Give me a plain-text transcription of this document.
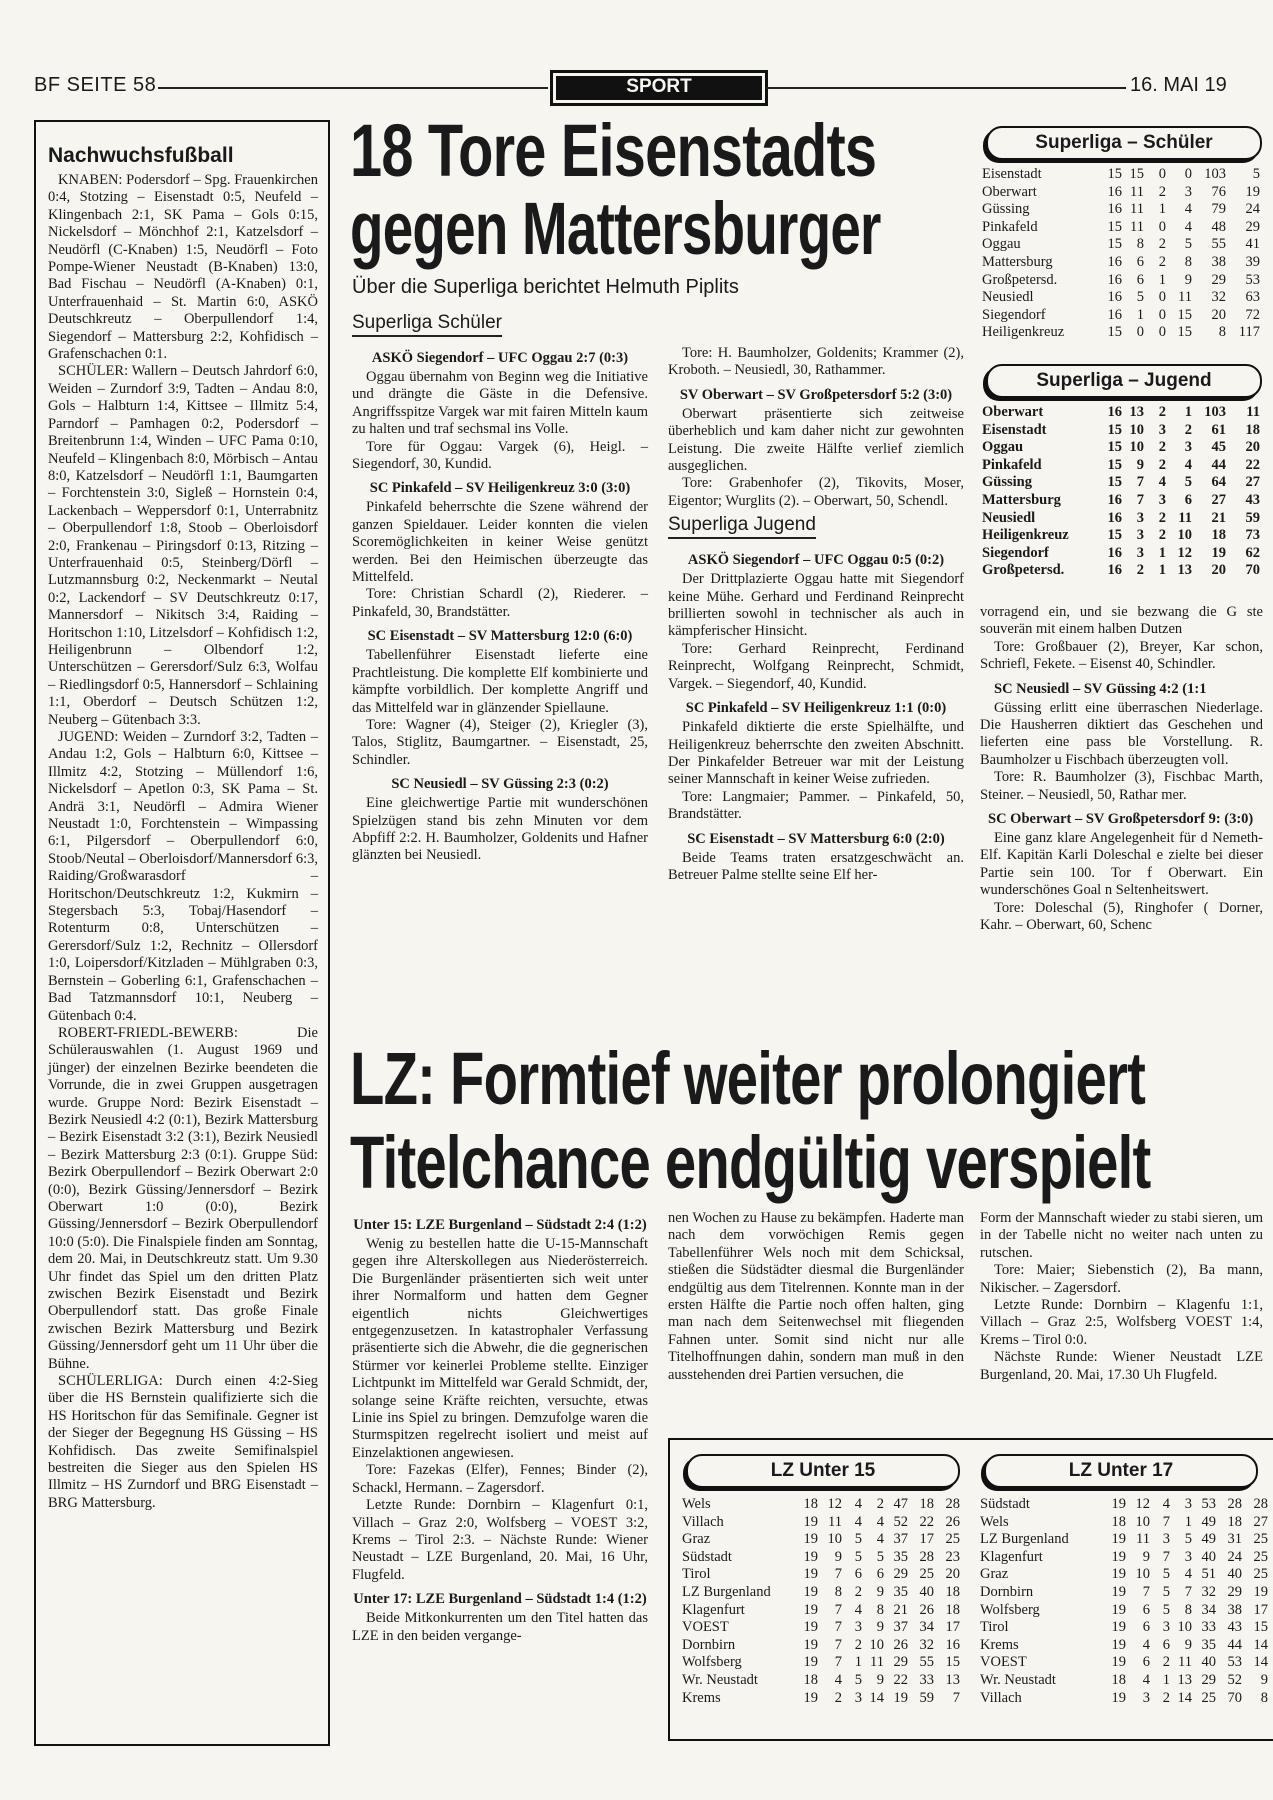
BF SEITE 58	SPORT	16. MAI 19
Nachwuchsfußball

KNABEN: Podersdorf – Spg. Frauenkirchen 0:4, Stotzing – Eisenstadt 0:5, Neufeld – Klingenbach 2:1, SK Pama – Gols 0:15, Nickelsdorf – Mönchhof 2:1, Katzelsdorf – Neudörfl (C-Knaben) 1:5, Neudörfl – Foto Pompe-Wiener Neustadt (B-Knaben) 13:0, Bad Fischau – Neudörfl (A-Knaben) 0:1, Unterfrauenhaid – St. Martin 6:0, ASKÖ Deutschkreutz – Oberpullendorf 1:4, Siegendorf – Mattersburg 2:2, Kohfidisch – Grafenschachen 0:1.

SCHÜLER: Wallern – Deutsch Jahrdorf 6:0, Weiden – Zurndorf 3:9, Tadten – Andau 8:0, Gols – Halbturn 1:4, Kittsee – Illmitz 5:4, Parndorf – Pamhagen 0:2, Podersdorf – Breitenbrunn 1:4, Winden – UFC Pama 0:10, Neufeld – Klingenbach 8:0, Mörbisch – Antau 8:0, Katzelsdorf – Neudörfl 1:1, Baumgarten – Forchtenstein 3:0, Sigleß – Hornstein 0:4, Lackenbach – Weppersdorf 0:1, Unterrabnitz – Oberpullendorf 1:8, Stoob – Oberloisdorf 2:0, Frankenau – Piringsdorf 0:13, Ritzing – Unterfrauenhaid 0:5, Steinberg/Dörfl – Lutzmannsburg 0:2, Neckenmarkt – Neutal 0:2, Lackendorf – SV Deutschkreutz 0:17, Mannersdorf – Nikitsch 3:4, Raiding – Horitschon 1:10, Litzelsdorf – Kohfidisch 1:2, Heiligenbrunn – Olbendorf 1:2, Unterschützen – Gerersdorf/Sulz 6:3, Wolfau – Riedlingsdorf 0:5, Hannersdorf – Schlaining 1:1, Oberdorf – Deutsch Schützen 1:2, Neuberg – Gütenbach 3:3.

JUGEND: Weiden – Zurndorf 3:2, Tadten – Andau 1:2, Gols – Halbturn 6:0, Kittsee – Illmitz 4:2, Stotzing – Müllendorf 1:6, Nickelsdorf – Apetlon 0:3, SK Pama – St. Andrä 3:1, Neudörfl – Admira Wiener Neustadt 1:0, Forchtenstein – Wimpassing 6:1, Pilgersdorf – Oberpullendorf 6:0, Stoob/Neutal – Oberloisdorf/Mannersdorf 6:3, Raiding/Großwarasdorf – Horitschon/Deutschkreutz 1:2, Kukmirn – Stegersbach 5:3, Tobaj/Hasendorf – Rotenturm 0:8, Unterschützen – Gerersdorf/Sulz 1:2, Rechnitz – Ollersdorf 1:0, Loipersdorf/Kitzladen – Mühlgraben 0:3, Bernstein – Goberling 6:1, Grafenschachen – Bad Tatzmannsdorf 10:1, Neuberg – Gütenbach 0:4.

ROBERT-FRIEDL-BEWERB: Die Schülerauswahlen (1. August 1969 und jünger) der einzelnen Bezirke beendeten die Vorrunde, die in zwei Gruppen ausgetragen wurde. Gruppe Nord: Bezirk Eisenstadt – Bezirk Neusiedl 4:2 (0:1), Bezirk Mattersburg – Bezirk Eisenstadt 3:2 (3:1), Bezirk Neusiedl – Bezirk Mattersburg 2:3 (0:1). Gruppe Süd: Bezirk Oberpullendorf – Bezirk Oberwart 2:0 (0:0), Bezirk Güssing/Jennersdorf – Bezirk Oberwart 1:0 (0:0), Bezirk Güssing/Jennersdorf – Bezirk Oberpullendorf 10:0 (5:0). Die Finalspiele finden am Sonntag, dem 20. Mai, in Deutschkreutz statt. Um 9.30 Uhr findet das Spiel um den dritten Platz zwischen Bezirk Eisenstadt und Bezirk Oberpullendorf statt. Das große Finale zwischen Bezirk Mattersburg und Bezirk Güssing/Jennersdorf geht um 11 Uhr über die Bühne.

SCHÜLERLIGA: Durch einen 4:2-Sieg über die HS Bernstein qualifizierte sich die HS Horitschon für das Semifinale. Gegner ist der Sieger der Begegnung HS Güssing – HS Kohfidisch. Das zweite Semifinalspiel bestreiten die Sieger aus den Spielen HS Illmitz – HS Zurndorf und BRG Eisenstadt – BRG Mattersburg.

18 Tore Eisenstadts
gegen Mattersburger
Über die Superliga berichtet Helmuth Piplits
Superliga Schüler
ASKÖ Siegendorf – UFC Oggau 2:7 (0:3)

Oggau übernahm von Beginn weg die Initiative und drängte die Gäste in die Defensive. Angriffsspitze Vargek war mit fairen Mitteln kaum zu halten und traf sechsmal ins Volle.

Tore für Oggau: Vargek (6), Heigl. – Siegendorf, 30, Kundid.

SC Pinkafeld – SV Heiligenkreuz 3:0 (3:0)

Pinkafeld beherrschte die Szene während der ganzen Spieldauer. Leider konnten die vielen Scoremöglichkeiten in keiner Weise genützt werden. Bei den Heimischen überzeugte das Mittelfeld.

Tore: Christian Schardl (2), Riederer. – Pinkafeld, 30, Brandstätter.

SC Eisenstadt – SV Mattersburg 12:0 (6:0)

Tabellenführer Eisenstadt lieferte eine Prachtleistung. Die komplette Elf kombinierte und kämpfte vorbildlich. Der komplette Angriff und das Mittelfeld war in glänzender Spiellaune.

Tore: Wagner (4), Steiger (2), Kriegler (3), Talos, Stiglitz, Baumgartner. – Eisenstadt, 25, Schindler.

SC Neusiedl – SV Güssing 2:3 (0:2)

Eine gleichwertige Partie mit wunderschönen Spielzügen stand bis zehn Minuten vor dem Abpfiff 2:2. H. Baumholzer, Goldenits und Hafner glänzten bei Neusiedl.

Tore: H. Baumholzer, Goldenits; Krammer (2), Kroboth. – Neusiedl, 30, Rathammer.

SV Oberwart – SV Großpetersdorf 5:2 (3:0)

Oberwart präsentierte sich zeitweise überheblich und kam daher nicht zur gewohnten Leistung. Die zweite Hälfte verlief ziemlich ausgeglichen.

Tore: Grabenhofer (2), Tikovits, Moser, Eigentor; Wurglits (2). – Oberwart, 50, Schendl.

Superliga Jugend
ASKÖ Siegendorf – UFC Oggau 0:5 (0:2)

Der Drittplazierte Oggau hatte mit Siegendorf keine Mühe. Gerhard und Ferdinand Reinprecht brillierten sowohl in technischer als auch in kämpferischer Hinsicht.

Tore: Gerhard Reinprecht, Ferdinand Reinprecht, Wolfgang Reinprecht, Schmidt, Vargek. – Siegendorf, 40, Kundid.

SC Pinkafeld – SV Heiligenkreuz 1:1 (0:0)

Pinkafeld diktierte die erste Spielhälfte, und Heiligenkreuz beherrschte den zweiten Abschnitt. Der Pinkafelder Betreuer war mit der Leistung seiner Mannschaft in keiner Weise zufrieden.

Tore: Langmaier; Pammer. – Pinkafeld, 50, Brandstätter.

SC Eisenstadt – SV Mattersburg 6:0 (2:0)

Beide Teams traten ersatzgeschwächt an. Betreuer Palme stellte seine Elf her-

Superliga – Schüler
Eisenstadt	15	15	0	0	103	5
Oberwart	16	11	2	3	76	19
Güssing	16	11	1	4	79	24
Pinkafeld	15	11	0	4	48	29
Oggau	15	8	2	5	55	41
Mattersburg	16	6	2	8	38	39
Großpetersd.	16	6	1	9	29	53
Neusiedl	16	5	0	11	32	63
Siegendorf	16	1	0	15	20	72
Heiligenkreuz	15	0	0	15	8	117
Superliga – Jugend
Oberwart	16	13	2	1	103	11
Eisenstadt	15	10	3	2	61	18
Oggau	15	10	2	3	45	20
Pinkafeld	15	9	2	4	44	22
Güssing	15	7	4	5	64	27
Mattersburg	16	7	3	6	27	43
Neusiedl	16	3	2	11	21	59
Heiligenkreuz	15	3	2	10	18	73
Siegendorf	16	3	1	12	19	62
Großpetersd.	16	2	1	13	20	70

vorragend ein, und sie bezwang die G ste souverän mit einem halben Dutzen

Tore: Großbauer (2), Breyer, Kar schon, Schriefl, Fekete. – Eisenst 40, Schindler.

SC Neusiedl – SV Güssing 4:2 (1:1

Güssing erlitt eine überraschen Niederlage. Die Hausherren diktiert das Geschehen und lieferten eine pass ble Vorstellung. R. Baumholzer u Fischbach überzeugten voll.

Tore: R. Baumholzer (3), Fischbac Marth, Steiner. – Neusiedl, 50, Rathar mer.

SC Oberwart – SV Großpetersdorf 9: (3:0)

Eine ganz klare Angelegenheit für d Nemeth-Elf. Kapitän Karli Doleschal e zielte bei dieser Partie sein 100. Tor f Oberwart. Ein wunderschönes Goal n Seltenheitswert.

Tore: Doleschal (5), Ringhofer ( Dorner, Kahr. – Oberwart, 60, Schenc

LZ: Formtief weiter prolongiert
Titelchance endgültig verspielt
Unter 15: LZE Burgenland – Südstadt 2:4 (1:2)

Wenig zu bestellen hatte die U-15-Mannschaft gegen ihre Alterskollegen aus Niederösterreich. Die Burgenländer präsentierten sich weit unter ihrer Normalform und hatten dem Gegner eigentlich nichts Gleichwertiges entgegenzusetzen. In katastrophaler Verfassung präsentierte sich die Abwehr, die die gegnerischen Stürmer vor keinerlei Probleme stellte. Einziger Lichtpunkt im Mittelfeld war Gerald Schmidt, der, solange seine Kräfte reichten, versuchte, etwas Linie ins Spiel zu bringen. Demzufolge waren die Sturmspitzen regelrecht isoliert und meist auf Einzelaktionen angewiesen.

Tore: Fazekas (Elfer), Fennes; Binder (2), Schackl, Hermann. – Zagersdorf.

Letzte Runde: Dornbirn – Klagenfurt 0:1, Villach – Graz 2:0, Wolfsberg – VOEST 3:2, Krems – Tirol 2:3. – Nächste Runde: Wiener Neustadt – LZE Burgenland, 20. Mai, 16 Uhr, Flugfeld.

Unter 17: LZE Burgenland – Südstadt 1:4 (1:2)

Beide Mitkonkurrenten um den Titel hatten das LZE in den beiden vergange-

nen Wochen zu Hause zu bekämpfen. Haderte man nach dem vorwöchigen Remis gegen Tabellenführer Wels noch mit dem Schicksal, stießen die Südstädter diesmal die Burgenländer endgültig aus dem Titelrennen. Konnte man in der ersten Hälfte die Partie noch offen halten, ging man nach dem Seitenwechsel mit fliegenden Fahnen unter. Somit sind nicht nur alle Titelhoffnungen dahin, sondern man muß in den ausstehenden drei Partien versuchen, die

Form der Mannschaft wieder zu stabi sieren, um in der Tabelle nicht no weiter nach unten zu rutschen.

Tore: Maier; Siebenstich (2), Ba mann, Nikischer. – Zagersdorf.

Letzte Runde: Dornbirn – Klagenfu 1:1, Villach – Graz 2:5, Wolfsberg VOEST 1:4, Krems – Tirol 0:0.

Nächste Runde: Wiener Neustadt LZE Burgenland, 20. Mai, 17.30 Uh Flugfeld.

LZ Unter 15
Wels	18	12	4	2	47	18	28
Villach	19	11	4	4	52	22	26
Graz	19	10	5	4	37	17	25
Südstadt	19	9	5	5	35	28	23
Tirol	19	7	6	6	29	25	20
LZ Burgenland	19	8	2	9	35	40	18
Klagenfurt	19	7	4	8	21	26	18
VOEST	19	7	3	9	37	34	17
Dornbirn	19	7	2	10	26	32	16
Wolfsberg	19	7	1	11	29	55	15
Wr. Neustadt	18	4	5	9	22	33	13
Krems	19	2	3	14	19	59	7
LZ Unter 17
Südstadt	19	12	4	3	53	28	28
Wels	18	10	7	1	49	18	27
LZ Burgenland	19	11	3	5	49	31	25
Klagenfurt	19	9	7	3	40	24	25
Graz	19	10	5	4	51	40	25
Dornbirn	19	7	5	7	32	29	19
Wolfsberg	19	6	5	8	34	38	17
Tirol	19	6	3	10	33	43	15
Krems	19	4	6	9	35	44	14
VOEST	19	6	2	11	40	53	14
Wr. Neustadt	18	4	1	13	29	52	9
Villach	19	3	2	14	25	70	8
